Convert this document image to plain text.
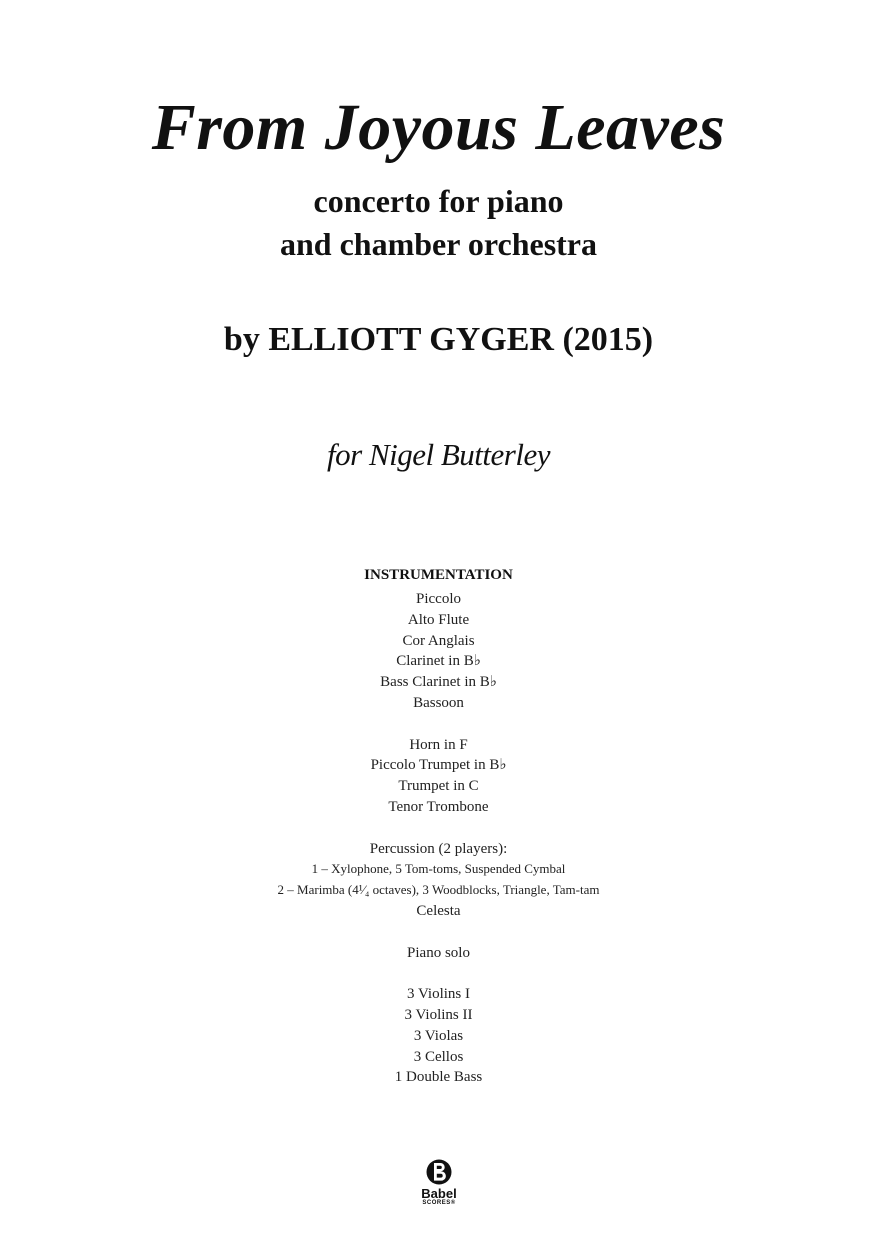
From Joyous Leaves
concerto for piano
and chamber orchestra
by ELLIOTT GYGER (2015)
for Nigel Butterley
INSTRUMENTATION
Piccolo
Alto Flute
Cor Anglais
Clarinet in B♭
Bass Clarinet in B♭
Bassoon
Horn in F
Piccolo Trumpet in B♭
Trumpet in C
Tenor Trombone
Percussion (2 players):
1 – Xylophone, 5 Tom-toms, Suspended Cymbal
2 – Marimba (4¹⁄₄ octaves), 3 Woodblocks, Triangle, Tam-tam
Celesta
Piano solo
3 Violins I
3 Violins II
3 Violas
3 Cellos
1 Double Bass
Babel
SCORES®
